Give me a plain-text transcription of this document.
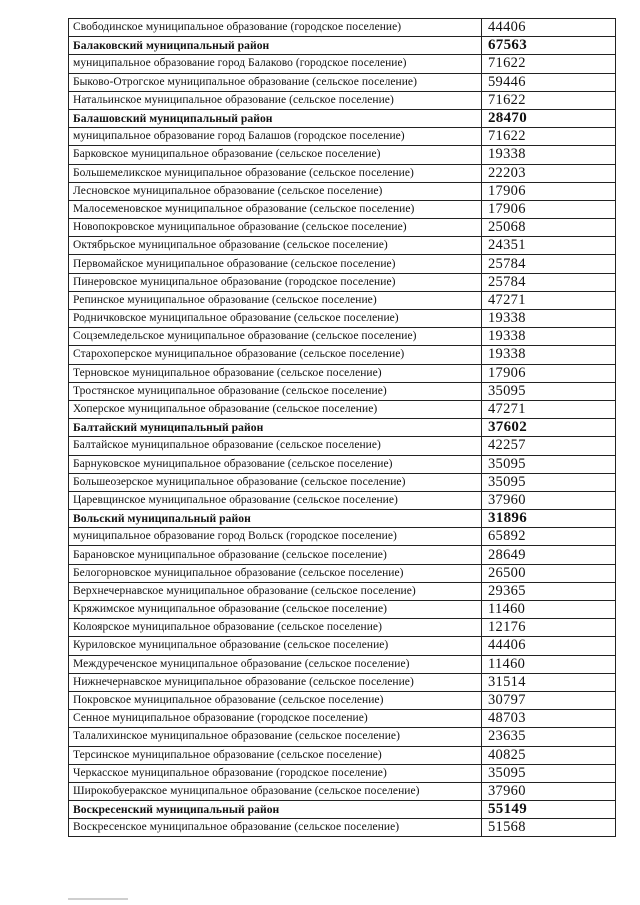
Свободинское муниципальное образование (городское поселение)	44406
Балаковский муниципальный район	67563
муниципальное образование город Балаково (городское поселение)	71622
Быково-Отрогское муниципальное образование (сельское поселение)	59446
Натальинское муниципальное образование (сельское поселение)	71622
Балашовский муниципальный район	28470
муниципальное образование город Балашов (городское поселение)	71622
Барковское муниципальное образование (сельское поселение)	19338
Большемеликское муниципальное образование (сельское поселение)	22203
Лесновское муниципальное образование (сельское поселение)	17906
Малосеменовское муниципальное образование (сельское поселение)	17906
Новопокровское муниципальное образование (сельское поселение)	25068
Октябрьское муниципальное образование (сельское поселение)	24351
Первомайское муниципальное образование (сельское поселение)	25784
Пинеровское муниципальное образование (городское поселение)	25784
Репинское муниципальное образование (сельское поселение)	47271
Родничковское муниципальное образование (сельское поселение)	19338
Соцземледельское муниципальное образование (сельское поселение)	19338
Старохоперское муниципальное образование (сельское поселение)	19338
Терновское муниципальное образование (сельское поселение)	17906
Тростянское муниципальное образование (сельское поселение)	35095
Хоперское муниципальное образование (сельское поселение)	47271
Балтайский муниципальный район	37602
Балтайское муниципальное образование (сельское поселение)	42257
Барнуковское муниципальное образование (сельское поселение)	35095
Большеозерское муниципальное образование (сельское поселение)	35095
Царевщинское муниципальное образование (сельское поселение)	37960
Вольский муниципальный район	31896
муниципальное образование город Вольск (городское поселение)	65892
Барановское муниципальное образование (сельское поселение)	28649
Белогорновское муниципальное образование (сельское поселение)	26500
Верхнечернавское муниципальное образование (сельское поселение)	29365
Кряжимское муниципальное образование (сельское поселение)	11460
Колоярское муниципальное образование (сельское поселение)	12176
Куриловское муниципальное образование (сельское поселение)	44406
Междуреченское муниципальное образование (сельское поселение)	11460
Нижнечернавское муниципальное образование (сельское поселение)	31514
Покровское муниципальное образование (сельское поселение)	30797
Сенное муниципальное образование (городское поселение)	48703
Талалихинское муниципальное образование (сельское поселение)	23635
Терсинское муниципальное образование (сельское поселение)	40825
Черкасское муниципальное образование (городское поселение)	35095
Широкобуеракское муниципальное образование (сельское поселение)	37960
Воскресенский муниципальный район	55149
Воскресенское муниципальное образование (сельское поселение)	51568
